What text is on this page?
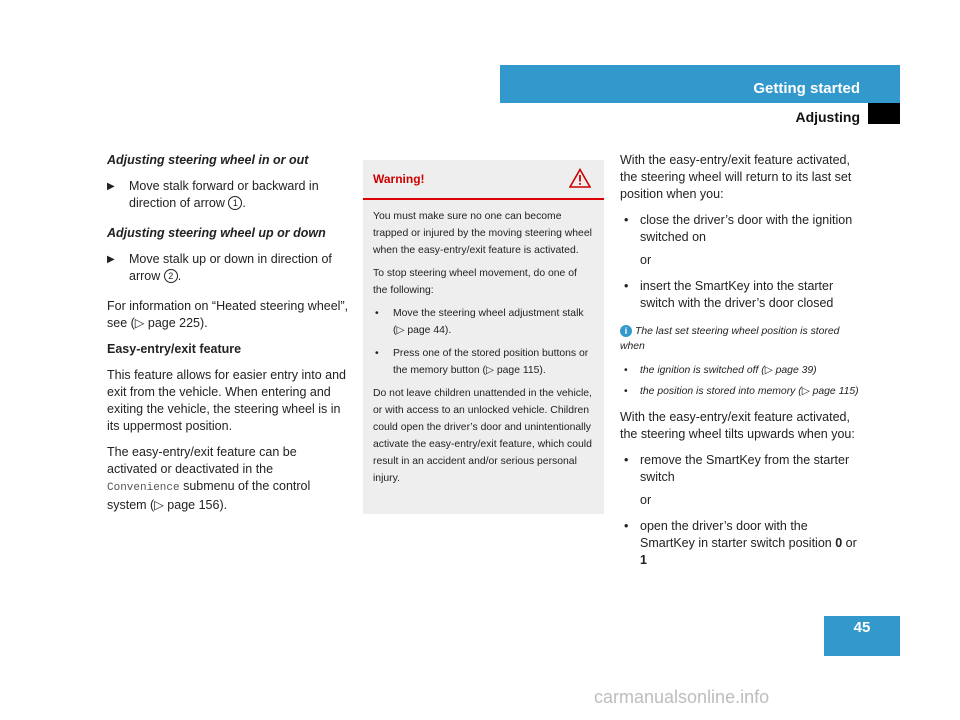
Getting started
Adjusting

Adjusting steering wheel in or out

▶ Move stalk forward or backward in direction of arrow 1 .

Adjusting steering wheel up or down

▶ Move stalk up or down in direction of arrow 2 .

For information on “Heated steering wheel”, see (▷ page 225).

Easy-entry/exit feature

This feature allows for easier entry into and exit from the vehicle. When entering and exiting the vehicle, the steering wheel is in its uppermost position.

The easy-entry/exit feature can be activated or deactivated in the Convenience submenu of the control system (▷ page 156).

Warning!

You must make sure no one can become trapped or injured by the moving steering wheel when the easy-entry/exit feature is activated.

To stop steering wheel movement, do one of the following:

• Move the steering wheel adjustment stalk (▷ page 44).
• Press one of the stored position buttons or the memory button (▷ page 115).

Do not leave children unattended in the vehicle, or with access to an unlocked vehicle. Children could open the driver’s door and unintentionally activate the easy-entry/exit feature, which could result in an accident and/or serious personal injury.

With the easy-entry/exit feature activated, the steering wheel will return to its last set position when you:

• close the driver’s door with the ignition switched on

or

• insert the SmartKey into the starter switch with the driver’s door closed

i The last set steering wheel position is stored when

• the ignition is switched off (▷ page 39)
• the position is stored into memory (▷ page 115)

With the easy-entry/exit feature activated, the steering wheel tilts upwards when you:

• remove the SmartKey from the starter switch

or

• open the driver’s door with the SmartKey in starter switch position 0 or 1
45
carmanualsonline.info
